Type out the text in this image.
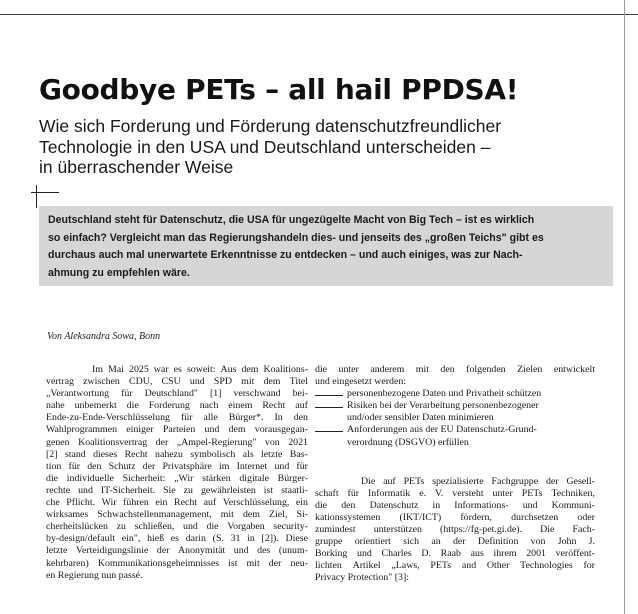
Goodbye PETs – all hail PPDSA!
Wie sich Forderung und Förderung datenschutzfreundlicher
Technologie in den USA und Deutschland unterscheiden –
in überraschender Weise
Deutschland steht für Datenschutz, die USA für ungezügelte Macht von Big Tech – ist es wirklich
so einfach? Vergleicht man das Regierungshandeln dies- und jenseits des „großen Teichs" gibt es
durchaus auch mal unerwartete Erkenntnisse zu entdecken – und auch einiges, was zur Nach-
ahmung zu empfehlen wäre.
Von Aleksandra Sowa, Bonn
Im Mai 2025 war es soweit: Aus dem Koalitions-
vertrag zwischen CDU, CSU und SPD mit dem Titel
„Verantwortung für Deutschland" [1] verschwand bei-
nahe unbemerkt die Forderung nach einem Recht auf
Ende-zu-Ende-Verschlüsselung für alle Bürger*. In den
Wahlprogrammen einiger Parteien und dem vorausgegan-
genen Koalitionsvertrag der „Ampel-Regierung" von 2021
[2] stand dieses Recht nahezu symbolisch als letzte Bas-
tion für den Schutz der Privatsphäre im Internet und für
die individuelle Sicherheit: „Wir stärken digitale Bürger-
rechte und IT-Sicherheit. Sie zu gewährleisten ist staatli-
che Pflicht. Wir führen ein Recht auf Verschlüsselung, ein
wirksames Schwachstellenmanagement, mit dem Ziel, Si-
cherheitslücken zu schließen, und die Vorgaben security-
by-design/default ein", hieß es darin (S. 31 in [2]). Diese
letzte Verteidigungslinie der Anonymität und des (unum-
kehrbaren) Kommunikationsgeheimnisses ist mit der neu-
en Regierung nun passé.
die unter anderem mit den folgenden Zielen entwickelt
und eingesetzt werden:
personenbezogene Daten und Privatheit schützen
Risiken bei der Verarbeitung personenbezogener
und/oder sensibler Daten minimieren
Anforderungen aus der EU Datenschutz-Grund-
verordnung (DSGVO) erfüllen
Die auf PETs spezialisierte Fachgruppe der Gesell-
schaft für Informatik e. V. versteht unter PETs Techniken,
die den Datenschutz in Informations- und Kommuni-
kationssystemen (IKT/ICT) fördern, durchsetzen oder
zumindest unterstützen (https://fg-pet.gi.de). Die Fach-
gruppe orientiert sich an der Definition von John J.
Borking und Charles D. Raab aus ihrem 2001 veröffent-
lichten Artikel „Laws, PETs and Other Technologies for
Privacy Protection" [3]:
